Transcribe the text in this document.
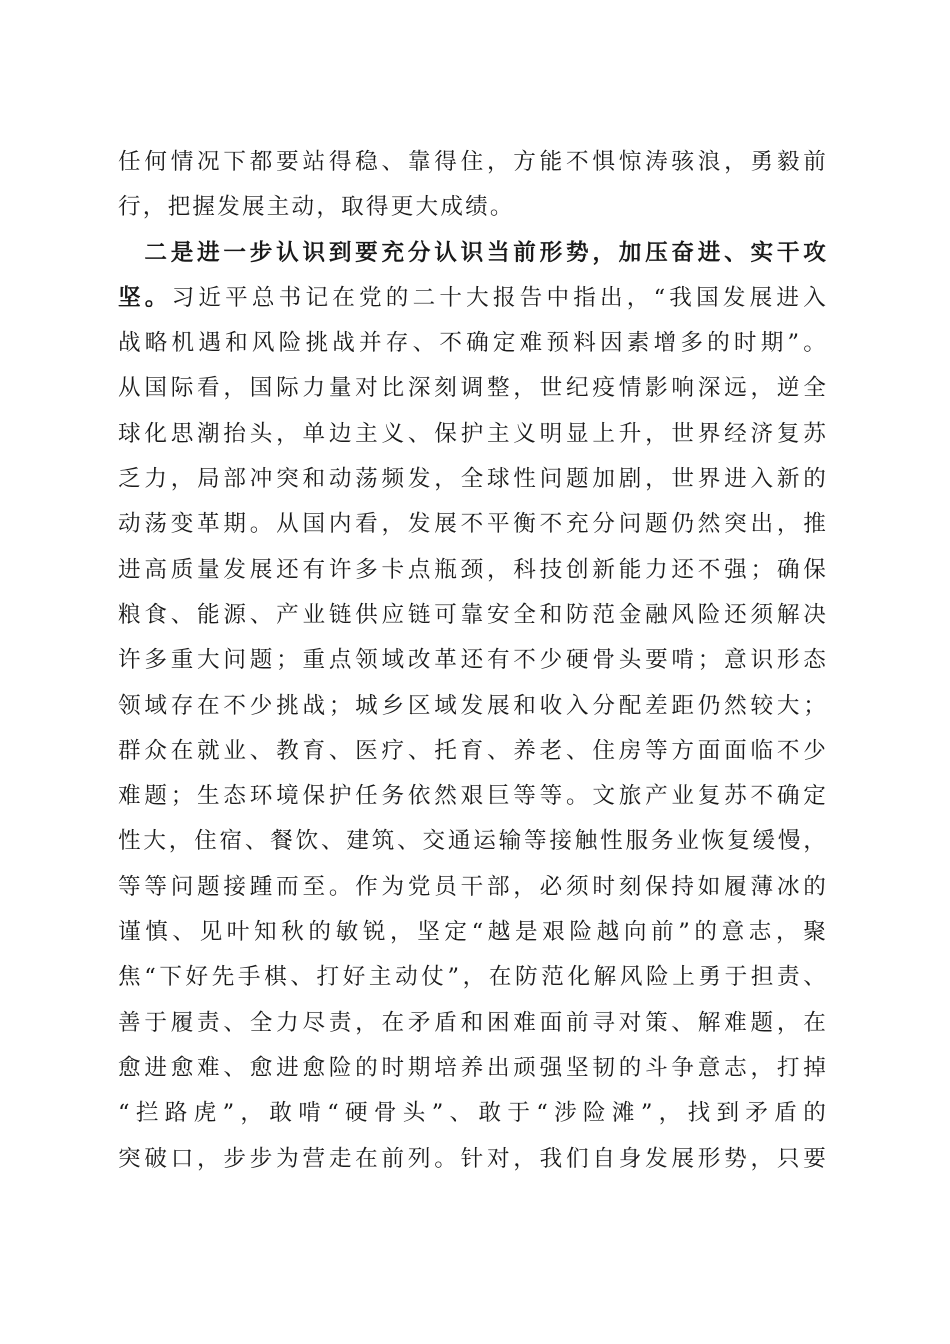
任何情况下都要站得稳、靠得住，方能不惧惊涛骇浪，勇毅前
行，把握发展主动，取得更大成绩。
　二是进一步认识到要充分认识当前形势，加压奋进、实干攻
坚。习近平总书记在党的二十大报告中指出，“我国发展进入
战略机遇和风险挑战并存、不确定难预料因素增多的时期”。
从国际看，国际力量对比深刻调整，世纪疫情影响深远，逆全
球化思潮抬头，单边主义、保护主义明显上升，世界经济复苏
乏力，局部冲突和动荡频发，全球性问题加剧，世界进入新的
动荡变革期。从国内看，发展不平衡不充分问题仍然突出，推
进高质量发展还有许多卡点瓶颈，科技创新能力还不强；确保
粮食、能源、产业链供应链可靠安全和防范金融风险还须解决
许多重大问题；重点领域改革还有不少硬骨头要啃；意识形态
领域存在不少挑战；城乡区域发展和收入分配差距仍然较大；
群众在就业、教育、医疗、托育、养老、住房等方面面临不少
难题；生态环境保护任务依然艰巨等等。文旅产业复苏不确定
性大，住宿、餐饮、建筑、交通运输等接触性服务业恢复缓慢，
等等问题接踵而至。作为党员干部，必须时刻保持如履薄冰的
谨慎、见叶知秋的敏锐，坚定“越是艰险越向前”的意志，聚
焦“下好先手棋、打好主动仗”，在防范化解风险上勇于担责、
善于履责、全力尽责，在矛盾和困难面前寻对策、解难题，在
愈进愈难、愈进愈险的时期培养出顽强坚韧的斗争意志，打掉
“拦路虎”，敢啃“硬骨头”、敢于“涉险滩”，找到矛盾的
突破口，步步为营走在前列。针对，我们自身发展形势，只要
